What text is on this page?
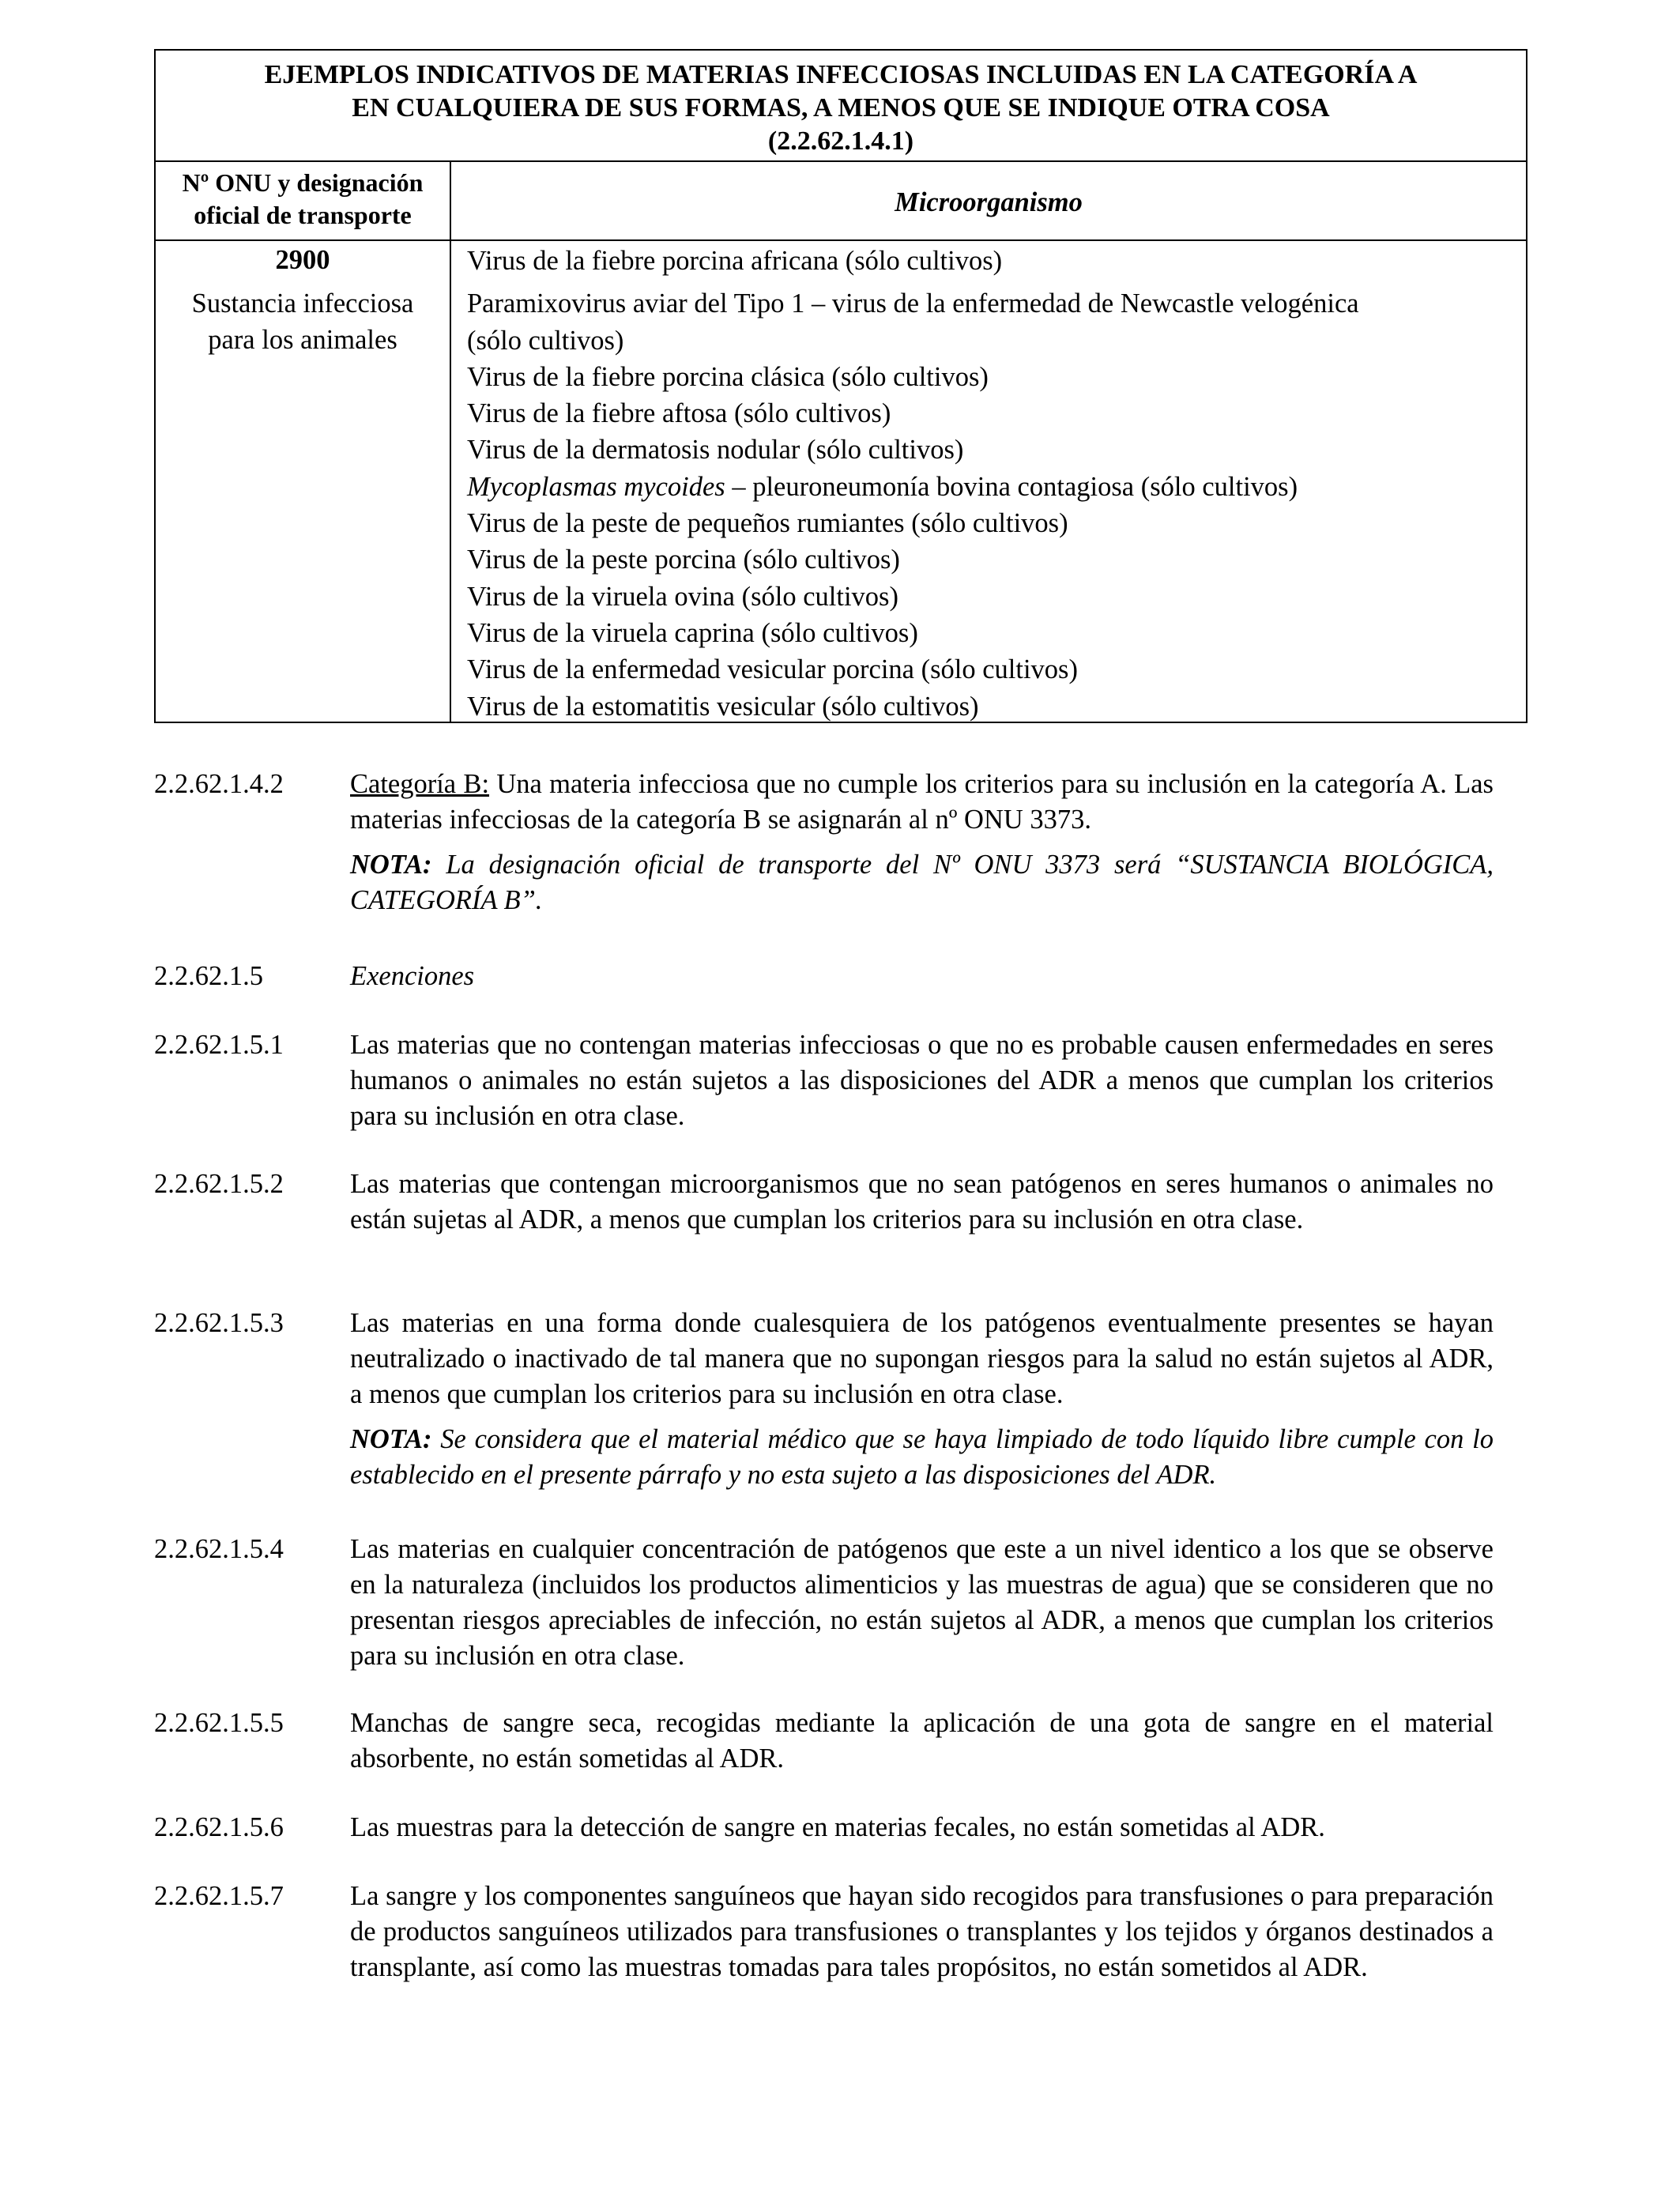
EJEMPLOS INDICATIVOS DE MATERIAS INFECCIOSAS INCLUIDAS EN LA CATEGORÍA A
EN CUALQUIERA DE SUS FORMAS, A MENOS QUE SE INDIQUE OTRA COSA
(2.2.62.1.4.1)
Nº ONU y designación
oficial de transporte	Microorganismo
2900
Sustancia infecciosa
para los animales
Virus de la fiebre porcina africana (sólo cultivos)
Paramixovirus aviar del Tipo 1 – virus de la enfermedad de Newcastle velogénica
(sólo cultivos)
Virus de la fiebre porcina clásica (sólo cultivos)
Virus de la fiebre aftosa (sólo cultivos)
Virus de la dermatosis nodular (sólo cultivos)
Mycoplasmas mycoides – pleuroneumonía bovina contagiosa (sólo cultivos)
Virus de la peste de pequeños rumiantes (sólo cultivos)
Virus de la peste porcina (sólo cultivos)
Virus de la viruela ovina (sólo cultivos)
Virus de la viruela caprina (sólo cultivos)
Virus de la enfermedad vesicular porcina (sólo cultivos)
Virus de la estomatitis vesicular (sólo cultivos)
2.2.62.1.4.2 Categoría B: Una materia infecciosa que no cumple los criterios para su inclusión en la categoría A. Las materias infecciosas de la categoría B se asignarán al nº ONU 3373.
NOTA: La designación oficial de transporte del Nº ONU 3373 será “SUSTANCIA BIOLÓGICA, CATEGORÍA B”.
2.2.62.1.5	Exenciones
2.2.62.1.5.1 Las materias que no contengan materias infecciosas o que no es probable causen enfermedades en seres humanos o animales no están sujetos a las disposiciones del ADR a menos que cumplan los criterios para su inclusión en otra clase.
2.2.62.1.5.2 Las materias que contengan microorganismos que no sean patógenos en seres humanos o animales no están sujetas al ADR, a menos que cumplan los criterios para su inclusión en otra clase.
2.2.62.1.5.3 Las materias en una forma donde cualesquiera de los patógenos eventualmente presentes se hayan neutralizado o inactivado de tal manera que no supongan riesgos para la salud no están sujetos al ADR, a menos que cumplan los criterios para su inclusión en otra clase.
NOTA: Se considera que el material médico que se haya limpiado de todo líquido libre cumple con lo establecido en el presente párrafo y no esta sujeto a las disposiciones del ADR.
2.2.62.1.5.4 Las materias en cualquier concentración de patógenos que este a un nivel identico a los que se observe en la naturaleza (incluidos los productos alimenticios y las muestras de agua) que se consideren que no presentan riesgos apreciables de infección, no están sujetos al ADR, a menos que cumplan los criterios para su inclusión en otra clase.
2.2.62.1.5.5 Manchas de sangre seca, recogidas mediante la aplicación de una gota de sangre en el material absorbente, no están sometidas al ADR.
2.2.62.1.5.6 Las muestras para la detección de sangre en materias fecales, no están sometidas al ADR.
2.2.62.1.5.7 La sangre y los componentes sanguíneos que hayan sido recogidos para transfusiones o para preparación de productos sanguíneos utilizados para transfusiones o transplantes y los tejidos y órganos destinados a transplante, así como las muestras tomadas para tales propósitos, no están sometidos al ADR.
